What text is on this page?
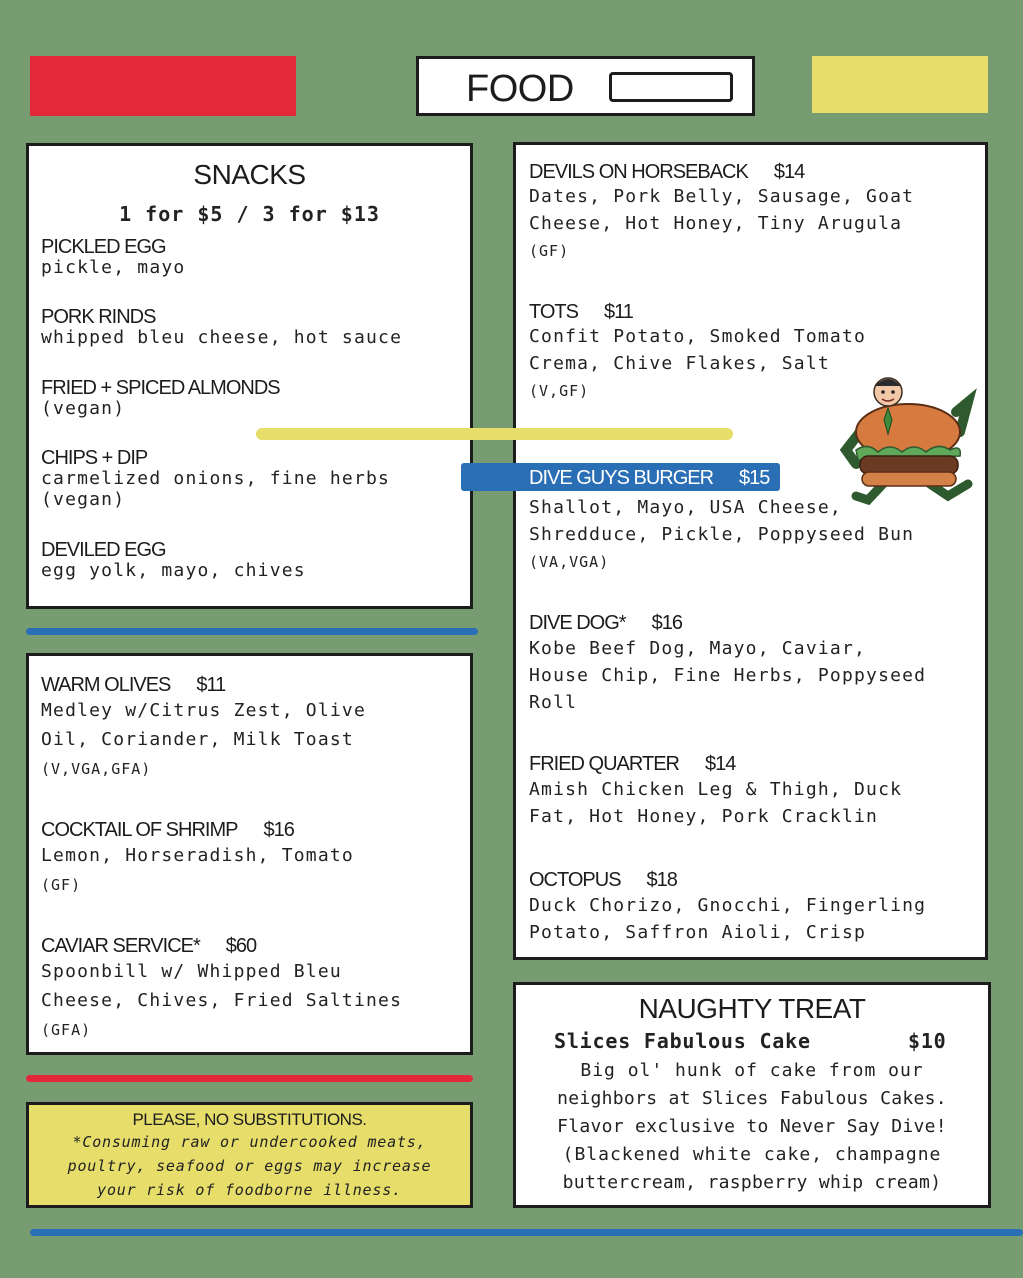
FOOD
SNACKS
1 for $5 / 3 for $13
PICKLED EGG
pickle, mayo
PORK RINDS
whipped bleu cheese, hot sauce
FRIED + SPICED ALMONDS
(vegan)
CHIPS + DIP
carmelized onions, fine herbs
(vegan)
DEVILED EGG
egg yolk, mayo, chives
WARM OLIVES $11
Medley w/Citrus Zest, Olive
Oil, Coriander, Milk Toast
(V,VGA,GFA)
COCKTAIL OF SHRIMP $16
Lemon, Horseradish, Tomato
(GF)
CAVIAR SERVICE* $60
Spoonbill w/ Whipped Bleu
Cheese, Chives, Fried Saltines
(GFA)
PLEASE, NO SUBSTITUTIONS.
*Consuming raw or undercooked meats,
poultry, seafood or eggs may increase
your risk of foodborne illness.
DEVILS ON HORSEBACK $14
Dates, Pork Belly, Sausage, Goat
Cheese, Hot Honey, Tiny Arugula
(GF)
TOTS $11
Confit Potato, Smoked Tomato
Crema, Chive Flakes, Salt
(V,GF)
Shallot, Mayo, USA Cheese,
Shredduce, Pickle, Poppyseed Bun
(VA,VGA)
DIVE DOG* $16
Kobe Beef Dog, Mayo, Caviar,
House Chip, Fine Herbs, Poppyseed
Roll
FRIED QUARTER $14
Amish Chicken Leg & Thigh, Duck
Fat, Hot Honey, Pork Cracklin
OCTOPUS $18
Duck Chorizo, Gnocchi, Fingerling
Potato, Saffron Aioli, Crisp
DIVE GUYS BURGER $15
NAUGHTY TREAT
Slices Fabulous Cake	$10
Big ol' hunk of cake from our
neighbors at Slices Fabulous Cakes.
Flavor exclusive to Never Say Dive!
(Blackened white cake, champagne
buttercream, raspberry whip cream)
